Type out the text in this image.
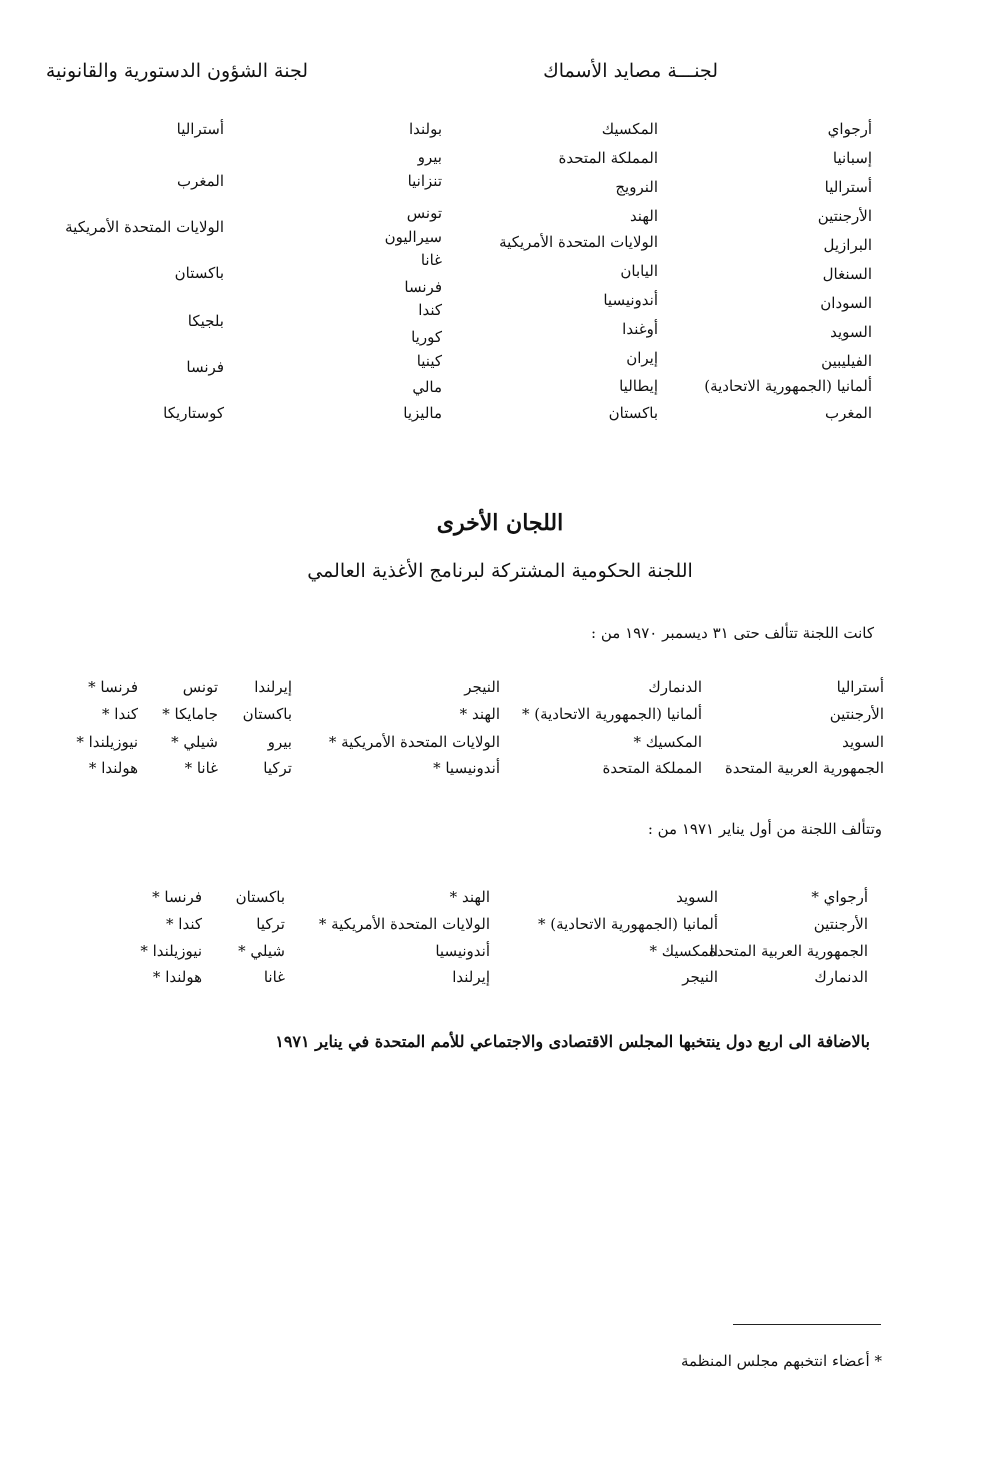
لجنـــة مصايد الأسماك
لجنة الشؤون الدستورية والقانونية
أرجواي
إسبانيا
أستراليا
الأرجنتين
البرازيل
السنغال
السودان
السويد
الفيليبين
ألمانيا (الجمهورية الاتحادية)
المغرب
المكسيك
المملكة المتحدة
النرويج
الهند
الولايات المتحدة الأمريكية
اليابان
أندونيسيا
أوغندا
إيران
إيطاليا
باكستان
بولندا
بيرو
تنزانيا
تونس
سيراليون
غانا
فرنسا
كندا
كوريا
كينيا
مالي
ماليزيا
أستراليا
المغرب
الولايات المتحدة الأمريكية
باكستان
بلجيكا
فرنسا
كوستاريكا
اللجان الأخرى
اللجنة الحكومية المشتركة لبرنامج الأغذية العالمي
كانت اللجنة تتألف حتى ٣١ ديسمبر ١٩٧٠ من :
أستراليا
الأرجنتين
السويد
الجمهورية العربية المتحدة
الدنمارك
ألمانيا (الجمهورية الاتحادية) *
المكسيك *
المملكة المتحدة
النيجر
الهند *
الولايات المتحدة الأمريكية *
أندونيسيا *
إيرلندا
باكستان
بيرو
تركيا
تونس
جامايكا *
شيلي *
غانا *
فرنسا *
كندا *
نيوزيلندا *
هولندا *
وتتألف اللجنة من أول يناير ١٩٧١ من :
أرجواي *
الأرجنتين
الجمهورية العربية المتحدة
الدنمارك
السويد
ألمانيا (الجمهورية الاتحادية) *
المكسيك *
النيجر
الهند *
الولايات المتحدة الأمريكية *
أندونيسيا
إيرلندا
باكستان
تركيا
شيلي *
غانا
فرنسا *
كندا *
نيوزيلندا *
هولندا *
بالاضافة الى اربع دول ينتخبها المجلس الاقتصادى والاجتماعي للأمم المتحدة في يناير ١٩٧١
* أعضاء انتخبهم مجلس المنظمة
